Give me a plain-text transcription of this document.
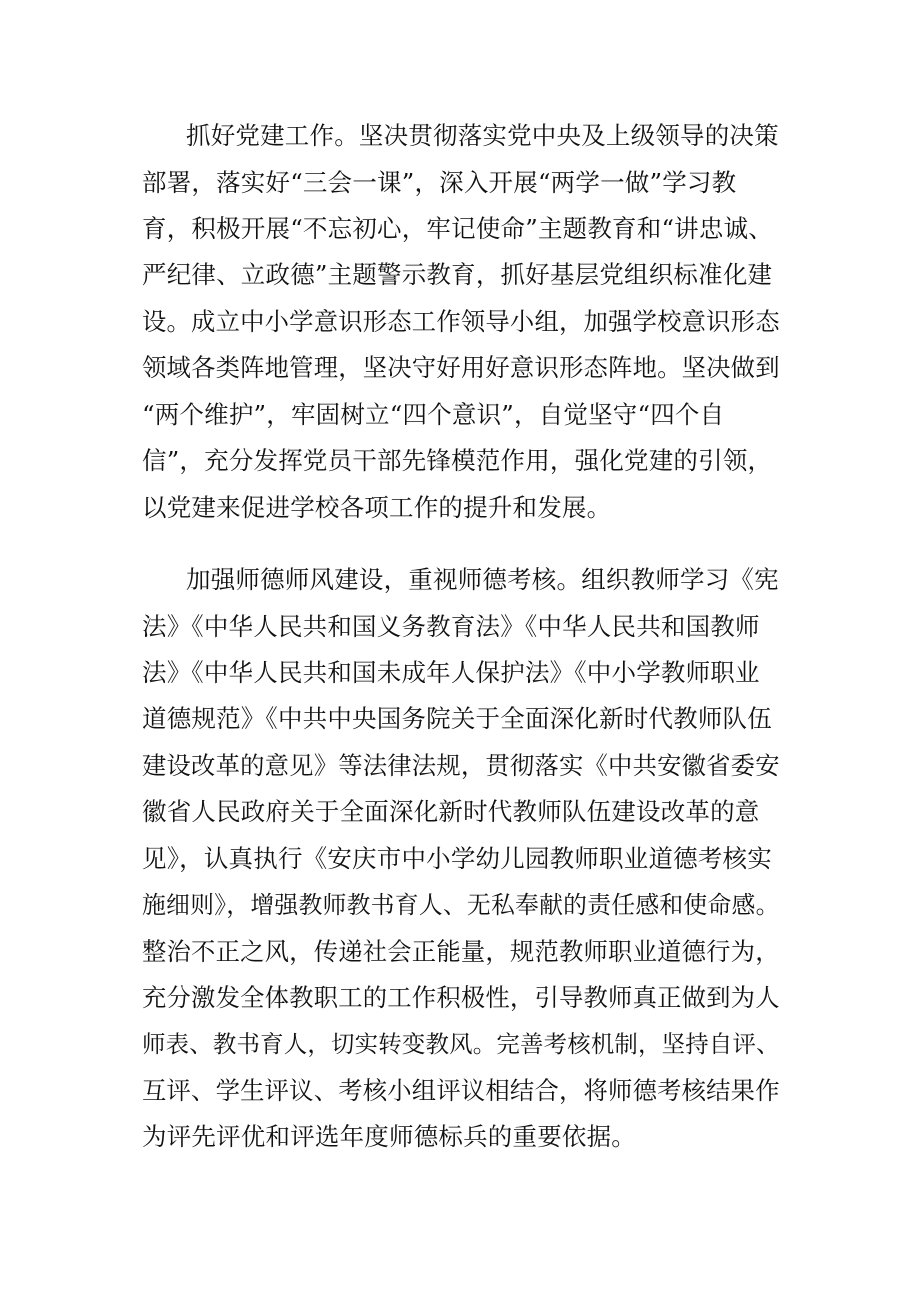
抓好党建工作。坚决贯彻落实党中央及上级领导的决策
部署，落实好“三会一课”，深入开展“两学一做”学习教
育，积极开展“不忘初心，牢记使命”主题教育和“讲忠诚、
严纪律、立政德”主题警示教育，抓好基层党组织标准化建
设。成立中小学意识形态工作领导小组，加强学校意识形态
领域各类阵地管理，坚决守好用好意识形态阵地。坚决做到
“两个维护”，牢固树立“四个意识”，自觉坚守“四个自
信”，充分发挥党员干部先锋模范作用，强化党建的引领，
以党建来促进学校各项工作的提升和发展。
加强师德师风建设，重视师德考核。组织教师学习《宪
法》《中华人民共和国义务教育法》《中华人民共和国教师
法》《中华人民共和国未成年人保护法》《中小学教师职业
道德规范》《中共中央国务院关于全面深化新时代教师队伍
建设改革的意见》等法律法规，贯彻落实《中共安徽省委安
徽省人民政府关于全面深化新时代教师队伍建设改革的意
见》，认真执行《安庆市中小学幼儿园教师职业道德考核实
施细则》，增强教师教书育人、无私奉献的责任感和使命感。
整治不正之风，传递社会正能量，规范教师职业道德行为，
充分激发全体教职工的工作积极性，引导教师真正做到为人
师表、教书育人，切实转变教风。完善考核机制，坚持自评、
互评、学生评议、考核小组评议相结合，将师德考核结果作
为评先评优和评选年度师德标兵的重要依据。
